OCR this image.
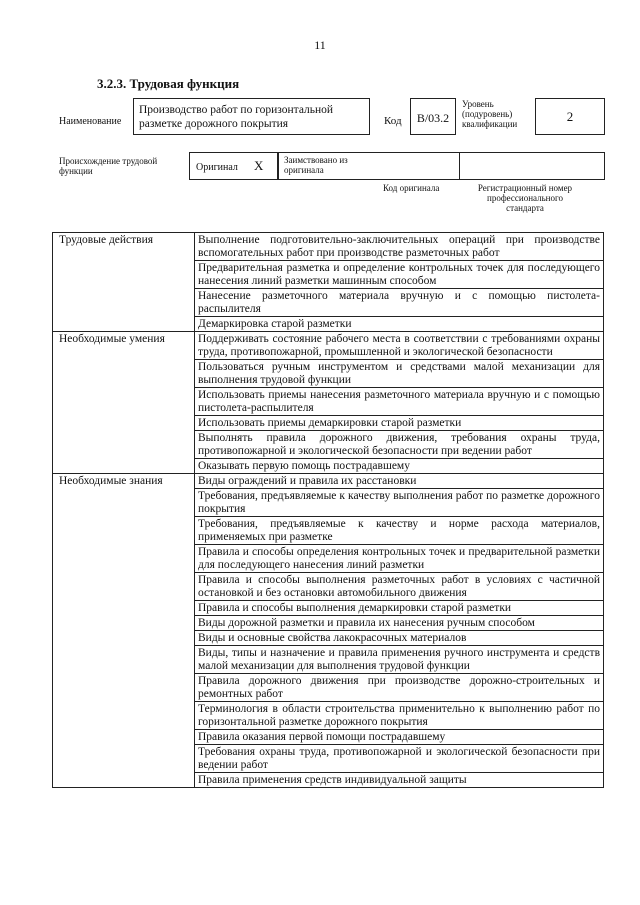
11
3.2.3. Трудовая функция
Наименование
Производство работ по горизонтальной разметке дорожного покрытия	Код	B/03.2
Уровень (подуровень) квалификации	2
Происхождение трудовой функции	Оригинал X Заимствовано из оригинала
Код оригинала	Регистрационный номер профессионального стандарта
Трудовые действия	Выполнение подготовительно-заключительных операций при производстве вспомогательных работ при производстве разметочных работ
	Предварительная разметка и определение контрольных точек для последующего нанесения линий разметки машинным способом
	Нанесение разметочного материала вручную и с помощью пистолета-распылителя
	Демаркировка старой разметки
Необходимые умения	Поддерживать состояние рабочего места в соответствии с требованиями охраны труда, противопожарной, промышленной и экологической безопасности
	Пользоваться ручным инструментом и средствами малой механизации для выполнения трудовой функции
	Использовать приемы нанесения разметочного материала вручную и с помощью пистолета-распылителя
	Использовать приемы демаркировки старой разметки
	Выполнять правила дорожного движения, требования охраны труда, противопожарной и экологической безопасности при ведении работ
	Оказывать первую помощь пострадавшему
Необходимые знания	Виды ограждений и правила их расстановки
	Требования, предъявляемые к качеству выполнения работ по разметке дорожного покрытия
	Требования, предъявляемые к качеству и норме расхода материалов, применяемых при разметке
	Правила и способы определения контрольных точек и предварительной разметки для последующего нанесения линий разметки
	Правила и способы выполнения разметочных работ в условиях с частичной остановкой и без остановки автомобильного движения
	Правила и способы выполнения демаркировки старой разметки
	Виды дорожной разметки и правила их нанесения ручным способом
	Виды и основные свойства лакокрасочных материалов
	Виды, типы и назначение и правила применения ручного инструмента и средств малой механизации для выполнения трудовой функции
	Правила дорожного движения при производстве дорожно-строительных и ремонтных работ
	Терминология в области строительства применительно к выполнению работ по горизонтальной разметке дорожного покрытия
	Правила оказания первой помощи пострадавшему
	Требования охраны труда, противопожарной и экологической безопасности при ведении работ
	Правила применения средств индивидуальной защиты
